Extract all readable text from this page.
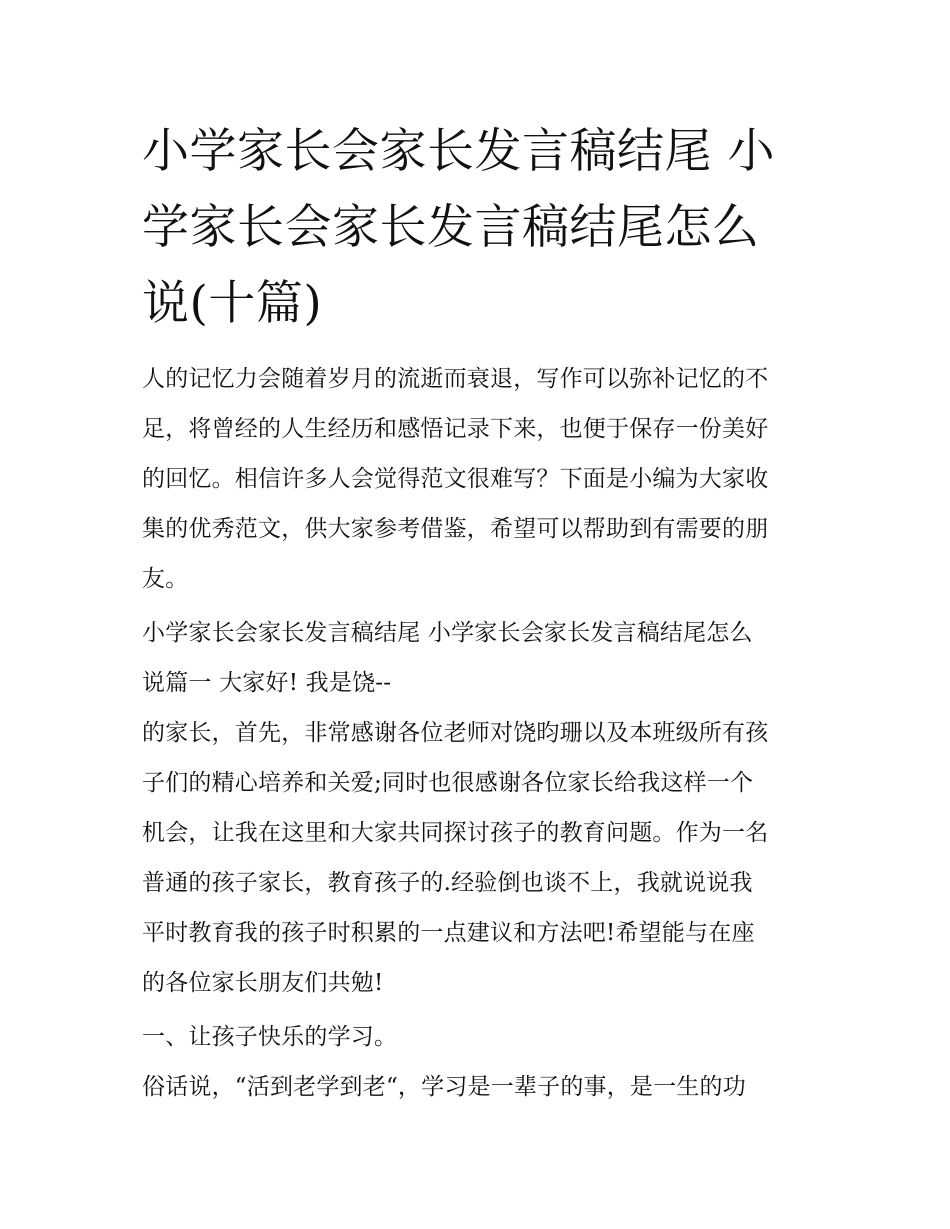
小学家长会家长发言稿结尾 小
学家长会家长发言稿结尾怎么
说(十篇)

人的记忆力会随着岁月的流逝而衰退，写作可以弥补记忆的不

足，将曾经的人生经历和感悟记录下来，也便于保存一份美好

的回忆。相信许多人会觉得范文很难写？下面是小编为大家收

集的优秀范文，供大家参考借鉴，希望可以帮助到有需要的朋

友。

小学家长会家长发言稿结尾 小学家长会家长发言稿结尾怎么

说篇一 大家好! 我是饶--

的家长，首先，非常感谢各位老师对饶昀珊以及本班级所有孩

子们的精心培养和关爱;同时也很感谢各位家长给我这样一个

机会，让我在这里和大家共同探讨孩子的教育问题。作为一名

普通的孩子家长，教育孩子的.经验倒也谈不上，我就说说我

平时教育我的孩子时积累的一点建议和方法吧!希望能与在座

的各位家长朋友们共勉!

一、让孩子快乐的学习。

俗话说，“活到老学到老“，学习是一辈子的事，是一生的功
